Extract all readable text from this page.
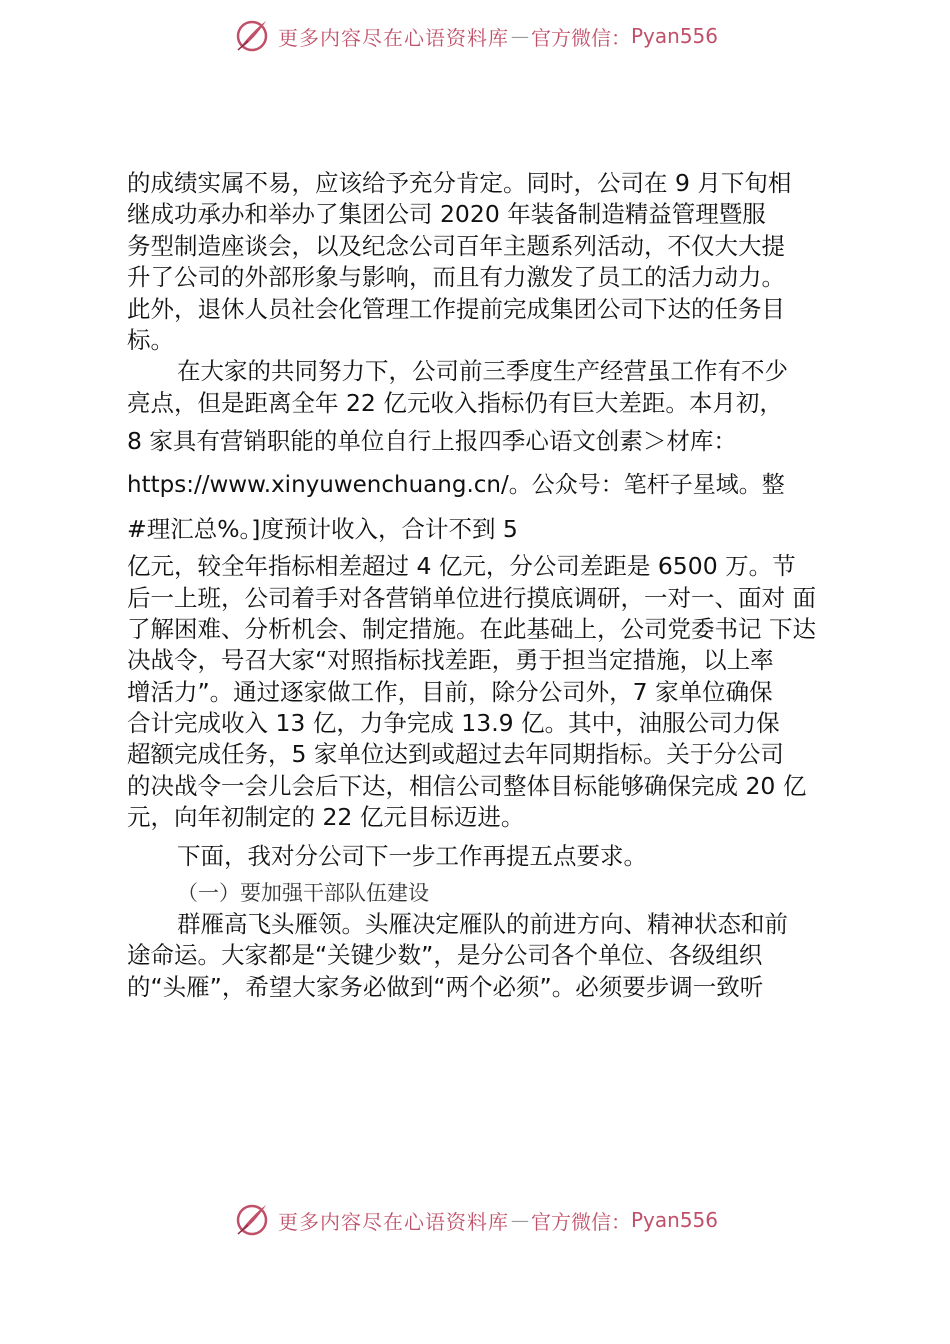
更多内容尽在心语资料库 — 官方微信 ： Pyan556
的成绩实属不易，应该给予充分肯定。同时，公司在 9 月下旬相
继成功承办和举办了集团公司 2020 年装备制造精益管理暨服
务型制造座谈会，以及纪念公司百年主题系列活动，不仅大大提
升了公司的外部形象与影响，而且有力激发了员工的活力动力。
此外，退休人员社会化管理工作提前完成集团公司下达的任务目
标。
在大家的共同努力下，公司前三季度生产经营虽工作有不少
亮点，但是距离全年 22 亿元收入指标仍有巨大差距。本月初，
8 家具有营销职能的单位自行上报四季心语文创素＞材库：
https://www.xinyuwenchuang.cn/。公众号：笔杆子星域。整
#理汇总%。]度预计收入，合计不到 5
亿元，较全年指标相差超过 4 亿元，分公司差距是 6500 万。节
后一上班，公司着手对各营销单位进行摸底调研，一对一、面对 面
了解困难、分析机会、制定措施。在此基础上，公司党委书记 下达
决战令，号召大家“对照指标找差距，勇于担当定措施，以上率
增活力”。通过逐家做工作，目前，除分公司外，7 家单位确保
合计完成收入 13 亿，力争完成 13.9 亿。其中，油服公司力保
超额完成任务，5 家单位达到或超过去年同期指标。关于分公司
的决战令一会儿会后下达，相信公司整体目标能够确保完成 20 亿
元，向年初制定的 22 亿元目标迈进。
下面，我对分公司下一步工作再提五点要求。
（一）要加强干部队伍建设
群雁高飞头雁领。头雁决定雁队的前进方向、精神状态和前
途命运。大家都是“关键少数”，是分公司各个单位、各级组织
的“头雁”，希望大家务必做到“两个必须”。必须要步调一致听
更多内容尽在心语资料库 — 官方微信 ： Pyan556
